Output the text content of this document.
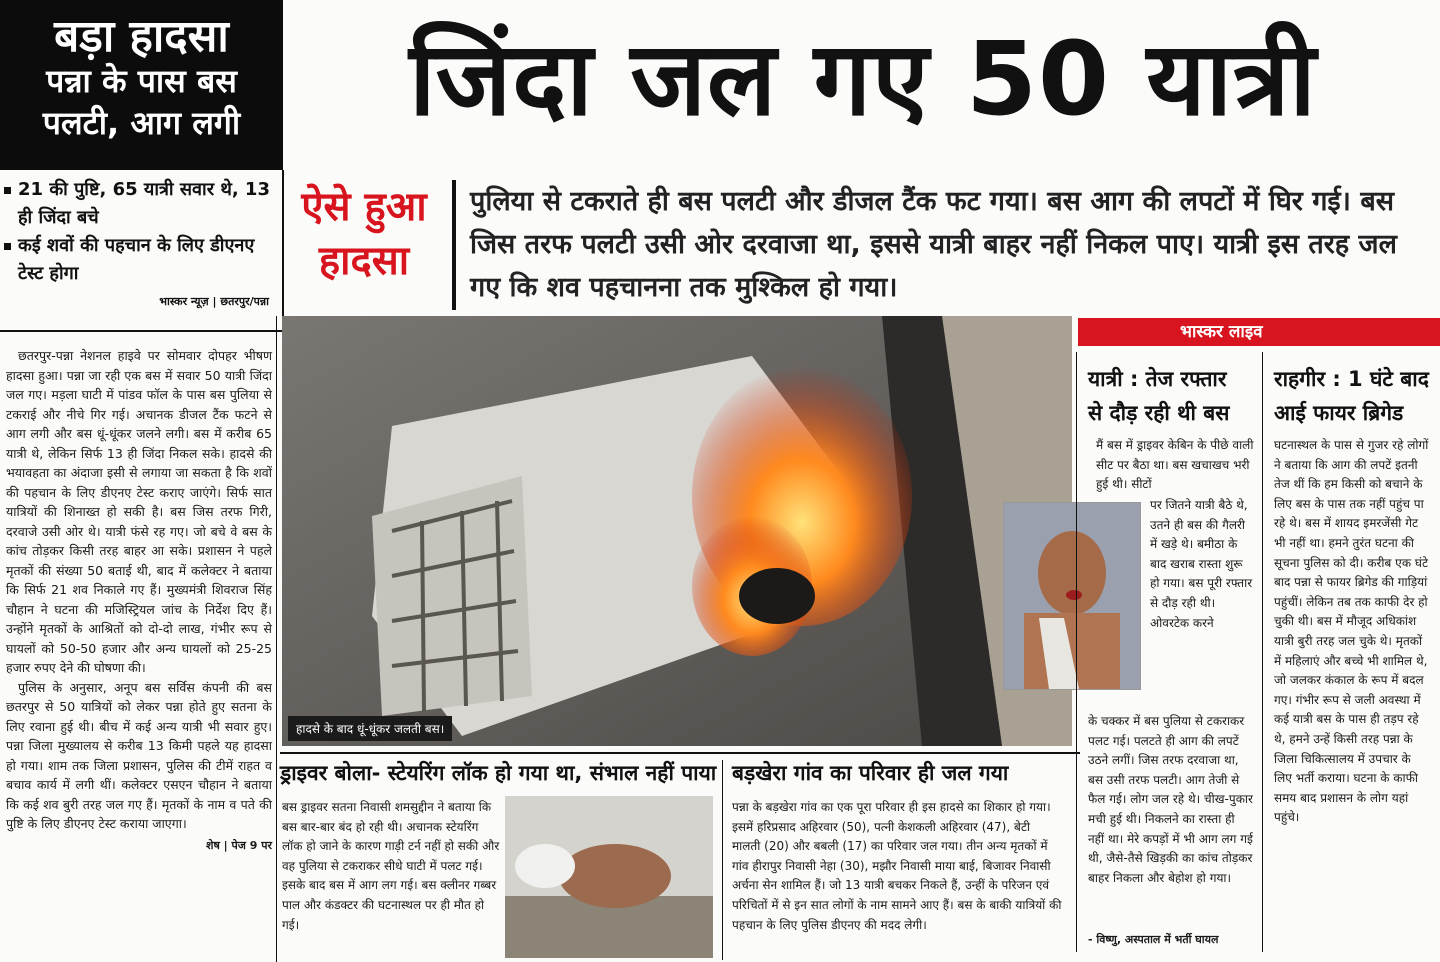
बड़ा हादसा
पन्ना के पास बस
पलटी, आग लगी	जिंदा जल गए 50 यात्री
21 की पुष्टि, 65 यात्री सवार थे, 13 ही जिंदा बचे
कई शवों की पहचान के लिए डीएनए टेस्ट होगा
भास्कर न्यूज़ | छतरपुर/पन्ना
ऐसे हुआ
हादसा
पुलिया से टकराते ही बस पलटी और डीजल टैंक फट गया। बस आग की लपटों में घिर गई। बस जिस तरफ पलटी उसी ओर दरवाजा था, इससे यात्री बाहर नहीं निकल पाए। यात्री इस तरह जल गए कि शव पहचानना तक मुश्किल हो गया।

छतरपुर-पन्ना नेशनल हाइवे पर सोमवार दोपहर भीषण हादसा हुआ। पन्ना जा रही एक बस में सवार 50 यात्री जिंदा जल गए। मड़ला घाटी में पांडव फॉल के पास बस पुलिया से टकराई और नीचे गिर गई। अचानक डीजल टैंक फटने से आग लगी और बस धूं-धूंकर जलने लगी। बस में करीब 65 यात्री थे, लेकिन सिर्फ 13 ही जिंदा निकल सके। हादसे की भयावहता का अंदाजा इसी से लगाया जा सकता है कि शवों की पहचान के लिए डीएनए टेस्ट कराए जाएंगे। सिर्फ सात यात्रियों की शिनाख्त हो सकी है। बस जिस तरफ गिरी, दरवाजे उसी ओर थे। यात्री फंसे रह गए। जो बचे वे बस के कांच तोड़कर किसी तरह बाहर आ सके। प्रशासन ने पहले मृतकों की संख्या 50 बताई थी, बाद में कलेक्टर ने बताया कि सिर्फ 21 शव निकाले गए हैं। मुख्यमंत्री शिवराज सिंह चौहान ने घटना की मजिस्ट्रियल जांच के निर्देश दिए हैं। उन्होंने मृतकों के आश्रितों को दो-दो लाख, गंभीर रूप से घायलों को 50-50 हजार और अन्य घायलों को 25-25 हजार रुपए देने की घोषणा की।

पुलिस के अनुसार, अनूप बस सर्विस कंपनी की बस छतरपुर से 50 यात्रियों को लेकर पन्ना होते हुए सतना के लिए रवाना हुई थी। बीच में कई अन्य यात्री भी सवार हुए। पन्ना जिला मुख्यालय से करीब 13 किमी पहले यह हादसा हो गया। शाम तक जिला प्रशासन, पुलिस की टीमें राहत व बचाव कार्य में लगी थीं। कलेक्टर एसएन चौहान ने बताया कि कई शव बुरी तरह जल गए हैं। मृतकों के नाम व पते की पुष्टि के लिए डीएनए टेस्ट कराया जाएगा।

शेष | पेज 9 पर
हादसे के बाद धूं-धूंकर जलती बस।
भास्कर लाइव
यात्री : तेज रफ्तार
से दौड़ रही थी बस
राहगीर : 1 घंटे बाद
आई फायर ब्रिगेड
मैं बस में ड्राइवर केबिन के पीछे वाली सीट पर बैठा था। बस खचाखच भरी हुई थी। सीटों
पर जितने यात्री बैठे थे, उतने ही बस की गैलरी में खड़े थे। बमीठा के बाद खराब रास्ता शुरू हो गया। बस पूरी रफ्तार से दौड़ रही थी। ओवरटेक करने
के चक्कर में बस पुलिया से टकराकर पलट गई। पलटते ही आग की लपटें उठने लगीं। जिस तरफ दरवाजा था, बस उसी तरफ पलटी। आग तेजी से फैल गई। लोग जल रहे थे। चीख-पुकार मची हुई थी। निकलने का रास्ता ही नहीं था। मेरे कपड़ों में भी आग लग गई थी, जैसे-तैसे खिड़की का कांच तोड़कर बाहर निकला और बेहोश हो गया।
- विष्णु, अस्पताल में भर्ती घायल
घटनास्थल के पास से गुजर रहे लोगों ने बताया कि आग की लपटें इतनी तेज थीं कि हम किसी को बचाने के लिए बस के पास तक नहीं पहुंच पा रहे थे। बस में शायद इमरजेंसी गेट भी नहीं था। हमने तुरंत घटना की सूचना पुलिस को दी। करीब एक घंटे बाद पन्ना से फायर ब्रिगेड की गाड़ियां पहुंचीं। लेकिन तब तक काफी देर हो चुकी थी। बस में मौजूद अधिकांश यात्री बुरी तरह जल चुके थे। मृतकों में महिलाएं और बच्चे भी शामिल थे, जो जलकर कंकाल के रूप में बदल गए। गंभीर रूप से जली अवस्था में कई यात्री बस के पास ही तड़प रहे थे, हमने उन्हें किसी तरह पन्ना के जिला चिकित्सालय में उपचार के लिए भर्ती कराया। घटना के काफी समय बाद प्रशासन के लोग यहां पहुंचे।
ड्राइवर बोला- स्टेयरिंग लॉक हो गया था, संभाल नहीं पाया
बस ड्राइवर सतना निवासी शमसुद्दीन ने बताया कि बस बार-बार बंद हो रही थी। अचानक स्टेयरिंग लॉक हो जाने के कारण गाड़ी टर्न नहीं हो सकी और वह पुलिया से टकराकर सीधे घाटी में पलट गई। इसके बाद बस में आग लग गई। बस क्लीनर गब्बर पाल और कंडक्टर की घटनास्थल पर ही मौत हो गई।
बड़खेरा गांव का परिवार ही जल गया
पन्ना के बड़खेरा गांव का एक पूरा परिवार ही इस हादसे का शिकार हो गया। इसमें हरिप्रसाद अहिरवार (50), पत्नी केशकली अहिरवार (47), बेटी मालती (20) और बबली (17) का परिवार जल गया। तीन अन्य मृतकों में गांव हीरापुर निवासी नेहा (30), मझौर निवासी माया बाई, बिजावर निवासी अर्चना सेन शामिल हैं। जो 13 यात्री बचकर निकले हैं, उन्हीं के परिजन एवं परिचितों में से इन सात लोगों के नाम सामने आए हैं। बस के बाकी यात्रियों की पहचान के लिए पुलिस डीएनए की मदद लेगी।
